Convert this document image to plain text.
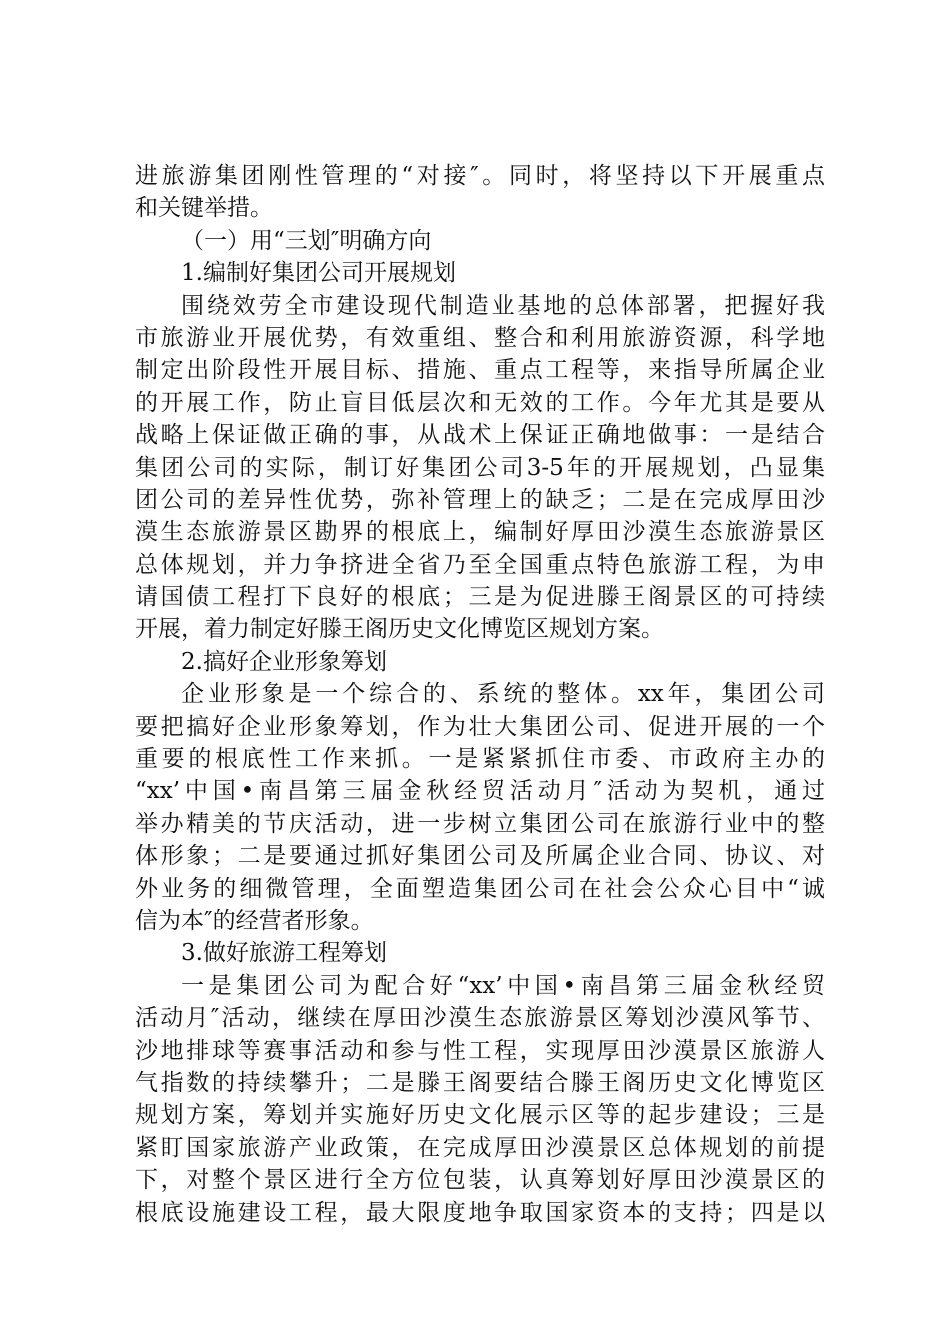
进旅游集团刚性管理的“对接″。同时，将坚持以下开展重点
和关键举措。
（一）用“三划″明确方向
1.编制好集团公司开展规划
围绕效劳全市建设现代制造业基地的总体部署，把握好我
市旅游业开展优势，有效重组、整合和利用旅游资源，科学地
制定出阶段性开展目标、措施、重点工程等，来指导所属企业
的开展工作，防止盲目低层次和无效的工作。今年尤其是要从
战略上保证做正确的事，从战术上保证正确地做事：一是结合
集团公司的实际，制订好集团公司3-5年的开展规划，凸显集
团公司的差异性优势，弥补管理上的缺乏；二是在完成厚田沙
漠生态旅游景区勘界的根底上，编制好厚田沙漠生态旅游景区
总体规划，并力争挤进全省乃至全国重点特色旅游工程，为申
请国债工程打下良好的根底；三是为促进滕王阁景区的可持续
开展，着力制定好滕王阁历史文化博览区规划方案。
2.搞好企业形象筹划
企业形象是一个综合的、系统的整体。xx年，集团公司
要把搞好企业形象筹划，作为壮大集团公司、促进开展的一个
重要的根底性工作来抓。一是紧紧抓住市委、市政府主办的
“xx’中国•南昌第三届金秋经贸活动月″活动为契机，通过
举办精美的节庆活动，进一步树立集团公司在旅游行业中的整
体形象；二是要通过抓好集团公司及所属企业合同、协议、对
外业务的细微管理，全面塑造集团公司在社会公众心目中“诚
信为本″的经营者形象。
3.做好旅游工程筹划
一是集团公司为配合好“xx’中国•南昌第三届金秋经贸
活动月″活动，继续在厚田沙漠生态旅游景区筹划沙漠风筝节、
沙地排球等赛事活动和参与性工程，实现厚田沙漠景区旅游人
气指数的持续攀升；二是滕王阁要结合滕王阁历史文化博览区
规划方案，筹划并实施好历史文化展示区等的起步建设；三是
紧盯国家旅游产业政策，在完成厚田沙漠景区总体规划的前提
下，对整个景区进行全方位包装，认真筹划好厚田沙漠景区的
根底设施建设工程，最大限度地争取国家资本的支持；四是以
